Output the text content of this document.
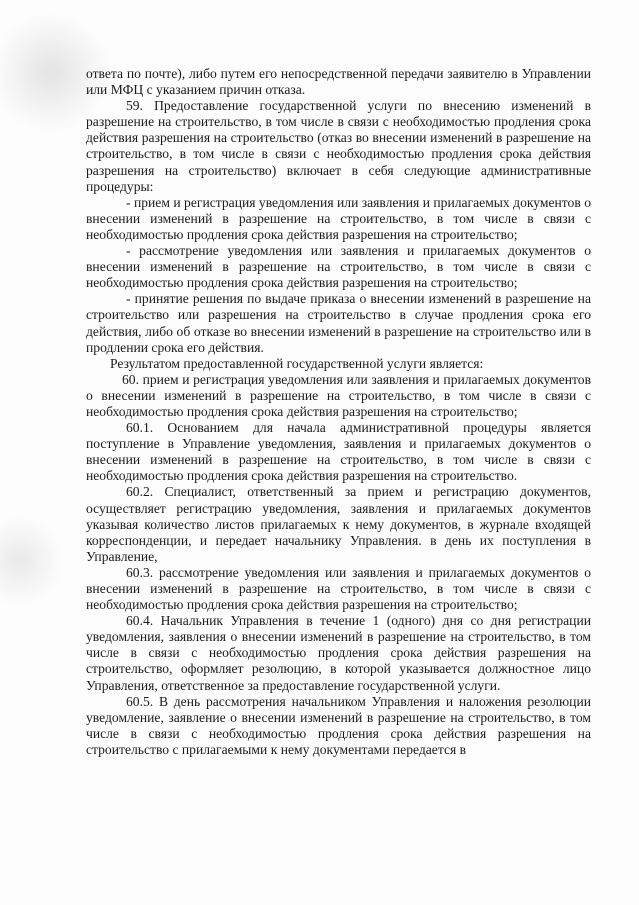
ответа по почте), либо путем его непосредственной передачи заявителю в Управлении или МФЦ с указанием причин отказа.

59. Предоставление государственной услуги по внесению изменений в разрешение на строительство, в том числе в связи с необходимостью продления срока действия разрешения на строительство (отказ во внесении изменений в разрешение на строительство, в том числе в связи с необходимостью продления срока действия разрешения на строительство) включает в себя следующие административные процедуры:

- прием и регистрация уведомления или заявления и прилагаемых документов о внесении изменений в разрешение на строительство, в том числе в связи с необходимостью продления срока действия разрешения на строительство;

- рассмотрение уведомления или заявления и прилагаемых документов о внесении изменений в разрешение на строительство, в том числе в связи с необходимостью продления срока действия разрешения на строительство;

- принятие решения по выдаче приказа о внесении изменений в разрешение на строительство или разрешения на строительство в случае продления срока его действия, либо об отказе во внесении изменений в разрешение на строительство или в продлении срока его действия.

Результатом предоставленной государственной услуги является:

60. прием и регистрация уведомления или заявления и прилагаемых документов о внесении изменений в разрешение на строительство, в том числе в связи с необходимостью продления срока действия разрешения на строительство;

60.1. Основанием для начала административной процедуры является поступление в Управление уведомления, заявления и прилагаемых документов о внесении изменений в разрешение на строительство, в том числе в связи с необходимостью продления срока действия разрешения на строительство.

60.2. Специалист, ответственный за прием и регистрацию документов, осуществляет регистрацию уведомления, заявления и прилагаемых документов указывая количество листов прилагаемых к нему документов, в журнале входящей корреспонденции, и передает начальнику Управления. в день их поступления в Управление,

60.3. рассмотрение уведомления или заявления и прилагаемых документов о внесении изменений в разрешение на строительство, в том числе в связи с необходимостью продления срока действия разрешения на строительство;

60.4. Начальник Управления в течение 1 (одного) дня со дня регистрации уведомления, заявления о внесении изменений в разрешение на строительство, в том числе в связи с необходимостью продления срока действия разрешения на строительство, оформляет резолюцию, в которой указывается должностное лицо Управления, ответственное за предоставление государственной услуги.

60.5. В день рассмотрения начальником Управления и наложения резолюции уведомление, заявление о внесении изменений в разрешение на строительство, в том числе в связи с необходимостью продления срока действия разрешения на строительство с прилагаемыми к нему документами передается в
